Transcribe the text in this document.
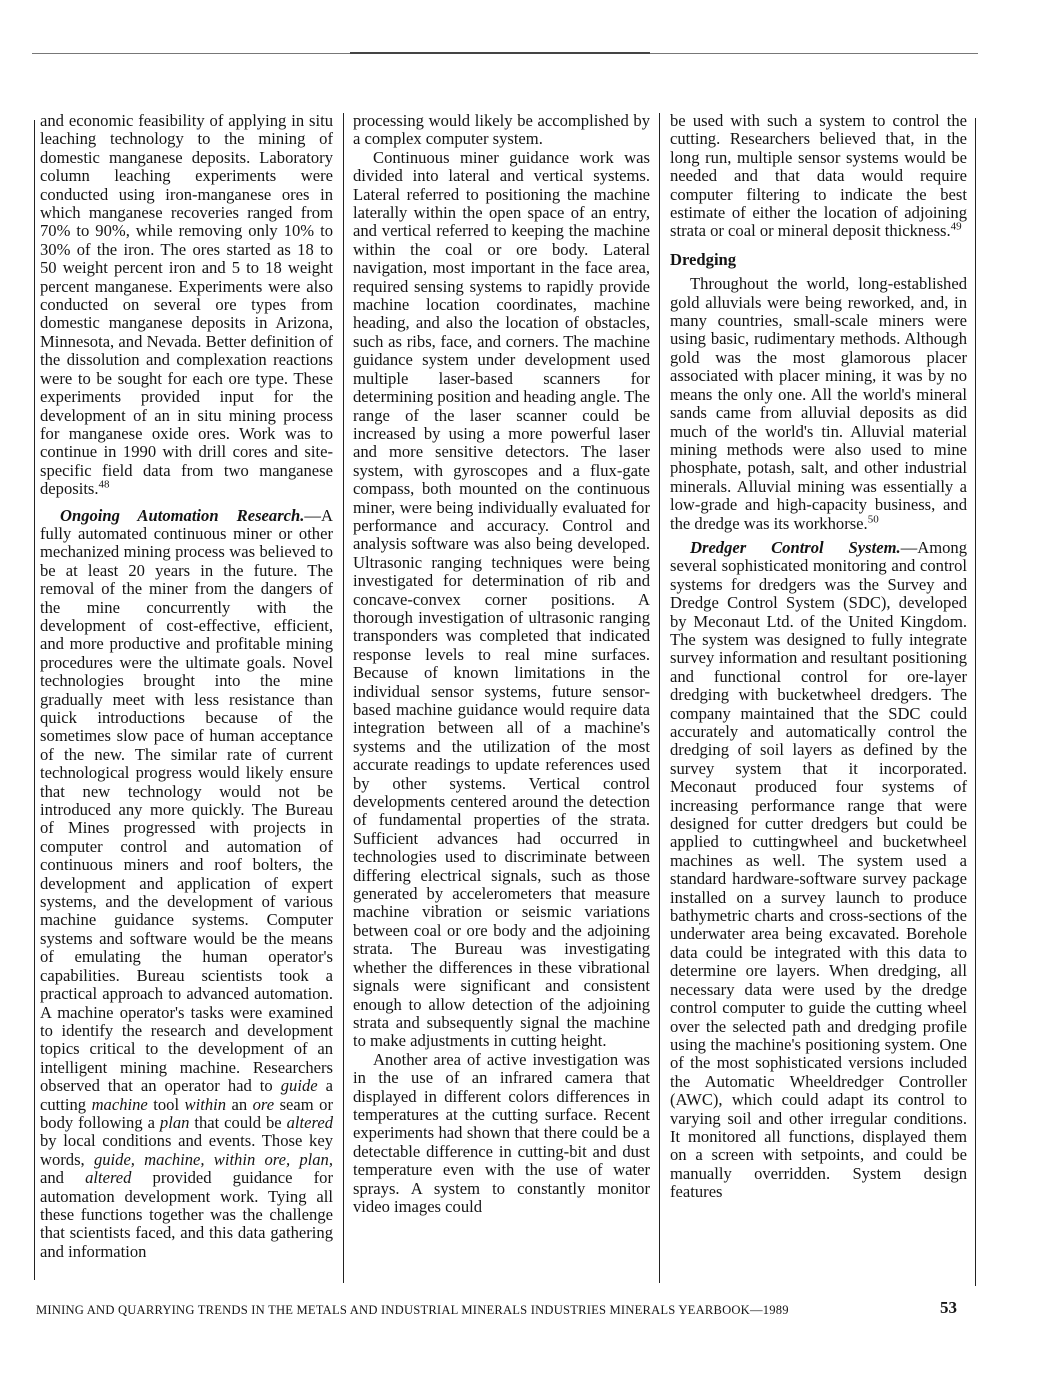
and economic feasibility of applying in situ leaching technology to the mining of domestic manganese deposits. Laboratory column leaching experiments were conducted using iron-manganese ores in which manganese recoveries ranged from 70% to 90%, while removing only 10% to 30% of the iron. The ores started as 18 to 50 weight percent iron and 5 to 18 weight percent manganese. Experiments were also conducted on several ore types from domestic manganese deposits in Arizona, Minnesota, and Nevada. Better definition of the dissolution and complexation reactions were to be sought for each ore type. These experiments provided input for the development of an in situ mining process for manganese oxide ores. Work was to continue in 1990 with drill cores and site-specific field data from two manganese deposits.$^{48}$

Ongoing Automation Research.—A fully automated continuous miner or other mechanized mining process was believed to be at least 20 years in the future. The removal of the miner from the dangers of the mine concurrently with the development of cost-effective, efficient, and more productive and profitable mining procedures were the ultimate goals. Novel technologies brought into the mine gradually meet with less resistance than quick introductions because of the sometimes slow pace of human acceptance of the new. The similar rate of current technological progress would likely ensure that new technology would not be introduced any more quickly. The Bureau of Mines progressed with projects in computer control and automation of continuous miners and roof bolters, the development and application of expert systems, and the development of various machine guidance systems. Computer systems and software would be the means of emulating the human operator's capabilities. Bureau scientists took a practical approach to advanced automation. A machine operator's tasks were examined to identify the research and development topics critical to the development of an intelligent mining machine. Researchers observed that an operator had to guide a cutting machine tool within an ore seam or body following a plan that could be altered by local conditions and events. Those key words, guide, machine, within ore, plan, and altered provided guidance for automation development work. Tying all these functions together was the challenge that scientists faced, and this data gathering and information

processing would likely be accomplished by a complex computer system.

Continuous miner guidance work was divided into lateral and vertical systems. Lateral referred to positioning the machine laterally within the open space of an entry, and vertical referred to keeping the machine within the coal or ore body. Lateral navigation, most important in the face area, required sensing systems to rapidly provide machine location coordinates, machine heading, and also the location of obstacles, such as ribs, face, and corners. The machine guidance system under development used multiple laser-based scanners for determining position and heading angle. The range of the laser scanner could be increased by using a more powerful laser and more sensitive detectors. The laser system, with gyroscopes and a flux-gate compass, both mounted on the continuous miner, were being individually evaluated for performance and accuracy. Control and analysis software was also being developed. Ultrasonic ranging techniques were being investigated for determination of rib and concave-convex corner positions. A thorough investigation of ultrasonic ranging transponders was completed that indicated response levels to real mine surfaces. Because of known limitations in the individual sensor systems, future sensor-based machine guidance would require data integration between all of a machine's systems and the utilization of the most accurate readings to update references used by other systems. Vertical control developments centered around the detection of fundamental properties of the strata. Sufficient advances had occurred in technologies used to discriminate between differing electrical signals, such as those generated by accelerometers that measure machine vibration or seismic variations between coal or ore body and the adjoining strata. The Bureau was investigating whether the differences in these vibrational signals were significant and consistent enough to allow detection of the adjoining strata and subsequently signal the machine to make adjustments in cutting height.

Another area of active investigation was in the use of an infrared camera that displayed in different colors differences in temperatures at the cutting surface. Recent experiments had shown that there could be a detectable difference in cutting-bit and dust temperature even with the use of water sprays. A system to constantly monitor video images could

be used with such a system to control the cutting. Researchers believed that, in the long run, multiple sensor systems would be needed and that data would require computer filtering to indicate the best estimate of either the location of adjoining strata or coal or mineral deposit thickness.$^{49}$

Dredging

Throughout the world, long-established gold alluvials were being reworked, and, in many countries, small-scale miners were using basic, rudimentary methods. Although gold was the most glamorous placer associated with placer mining, it was by no means the only one. All the world's mineral sands came from alluvial deposits as did much of the world's tin. Alluvial material mining methods were also used to mine phosphate, potash, salt, and other industrial minerals. Alluvial mining was essentially a low-grade and high-capacity business, and the dredge was its workhorse.$^{50}$

Dredger Control System.—Among several sophisticated monitoring and control systems for dredgers was the Survey and Dredge Control System (SDC), developed by Meconaut Ltd. of the United Kingdom. The system was designed to fully integrate survey information and resultant positioning and functional control for ore-layer dredging with bucketwheel dredgers. The company maintained that the SDC could accurately and automatically control the dredging of soil layers as defined by the survey system that it incorporated. Meconaut produced four systems of increasing performance range that were designed for cutter dredgers but could be applied to cuttingwheel and bucketwheel machines as well. The system used a standard hardware-software survey package installed on a survey launch to produce bathymetric charts and cross-sections of the underwater area being excavated. Borehole data could be integrated with this data to determine ore layers. When dredging, all necessary data were used by the dredge control computer to guide the cutting wheel over the selected path and dredging profile using the machine's positioning system. One of the most sophisticated versions included the Automatic Wheeldredger Controller (AWC), which could adapt its control to varying soil and other irregular conditions. It monitored all functions, displayed them on a screen with setpoints, and could be manually overridden. System design features

MINING AND QUARRYING TRENDS IN THE METALS AND INDUSTRIAL MINERALS INDUSTRIES MINERALS YEARBOOK—1989	53
